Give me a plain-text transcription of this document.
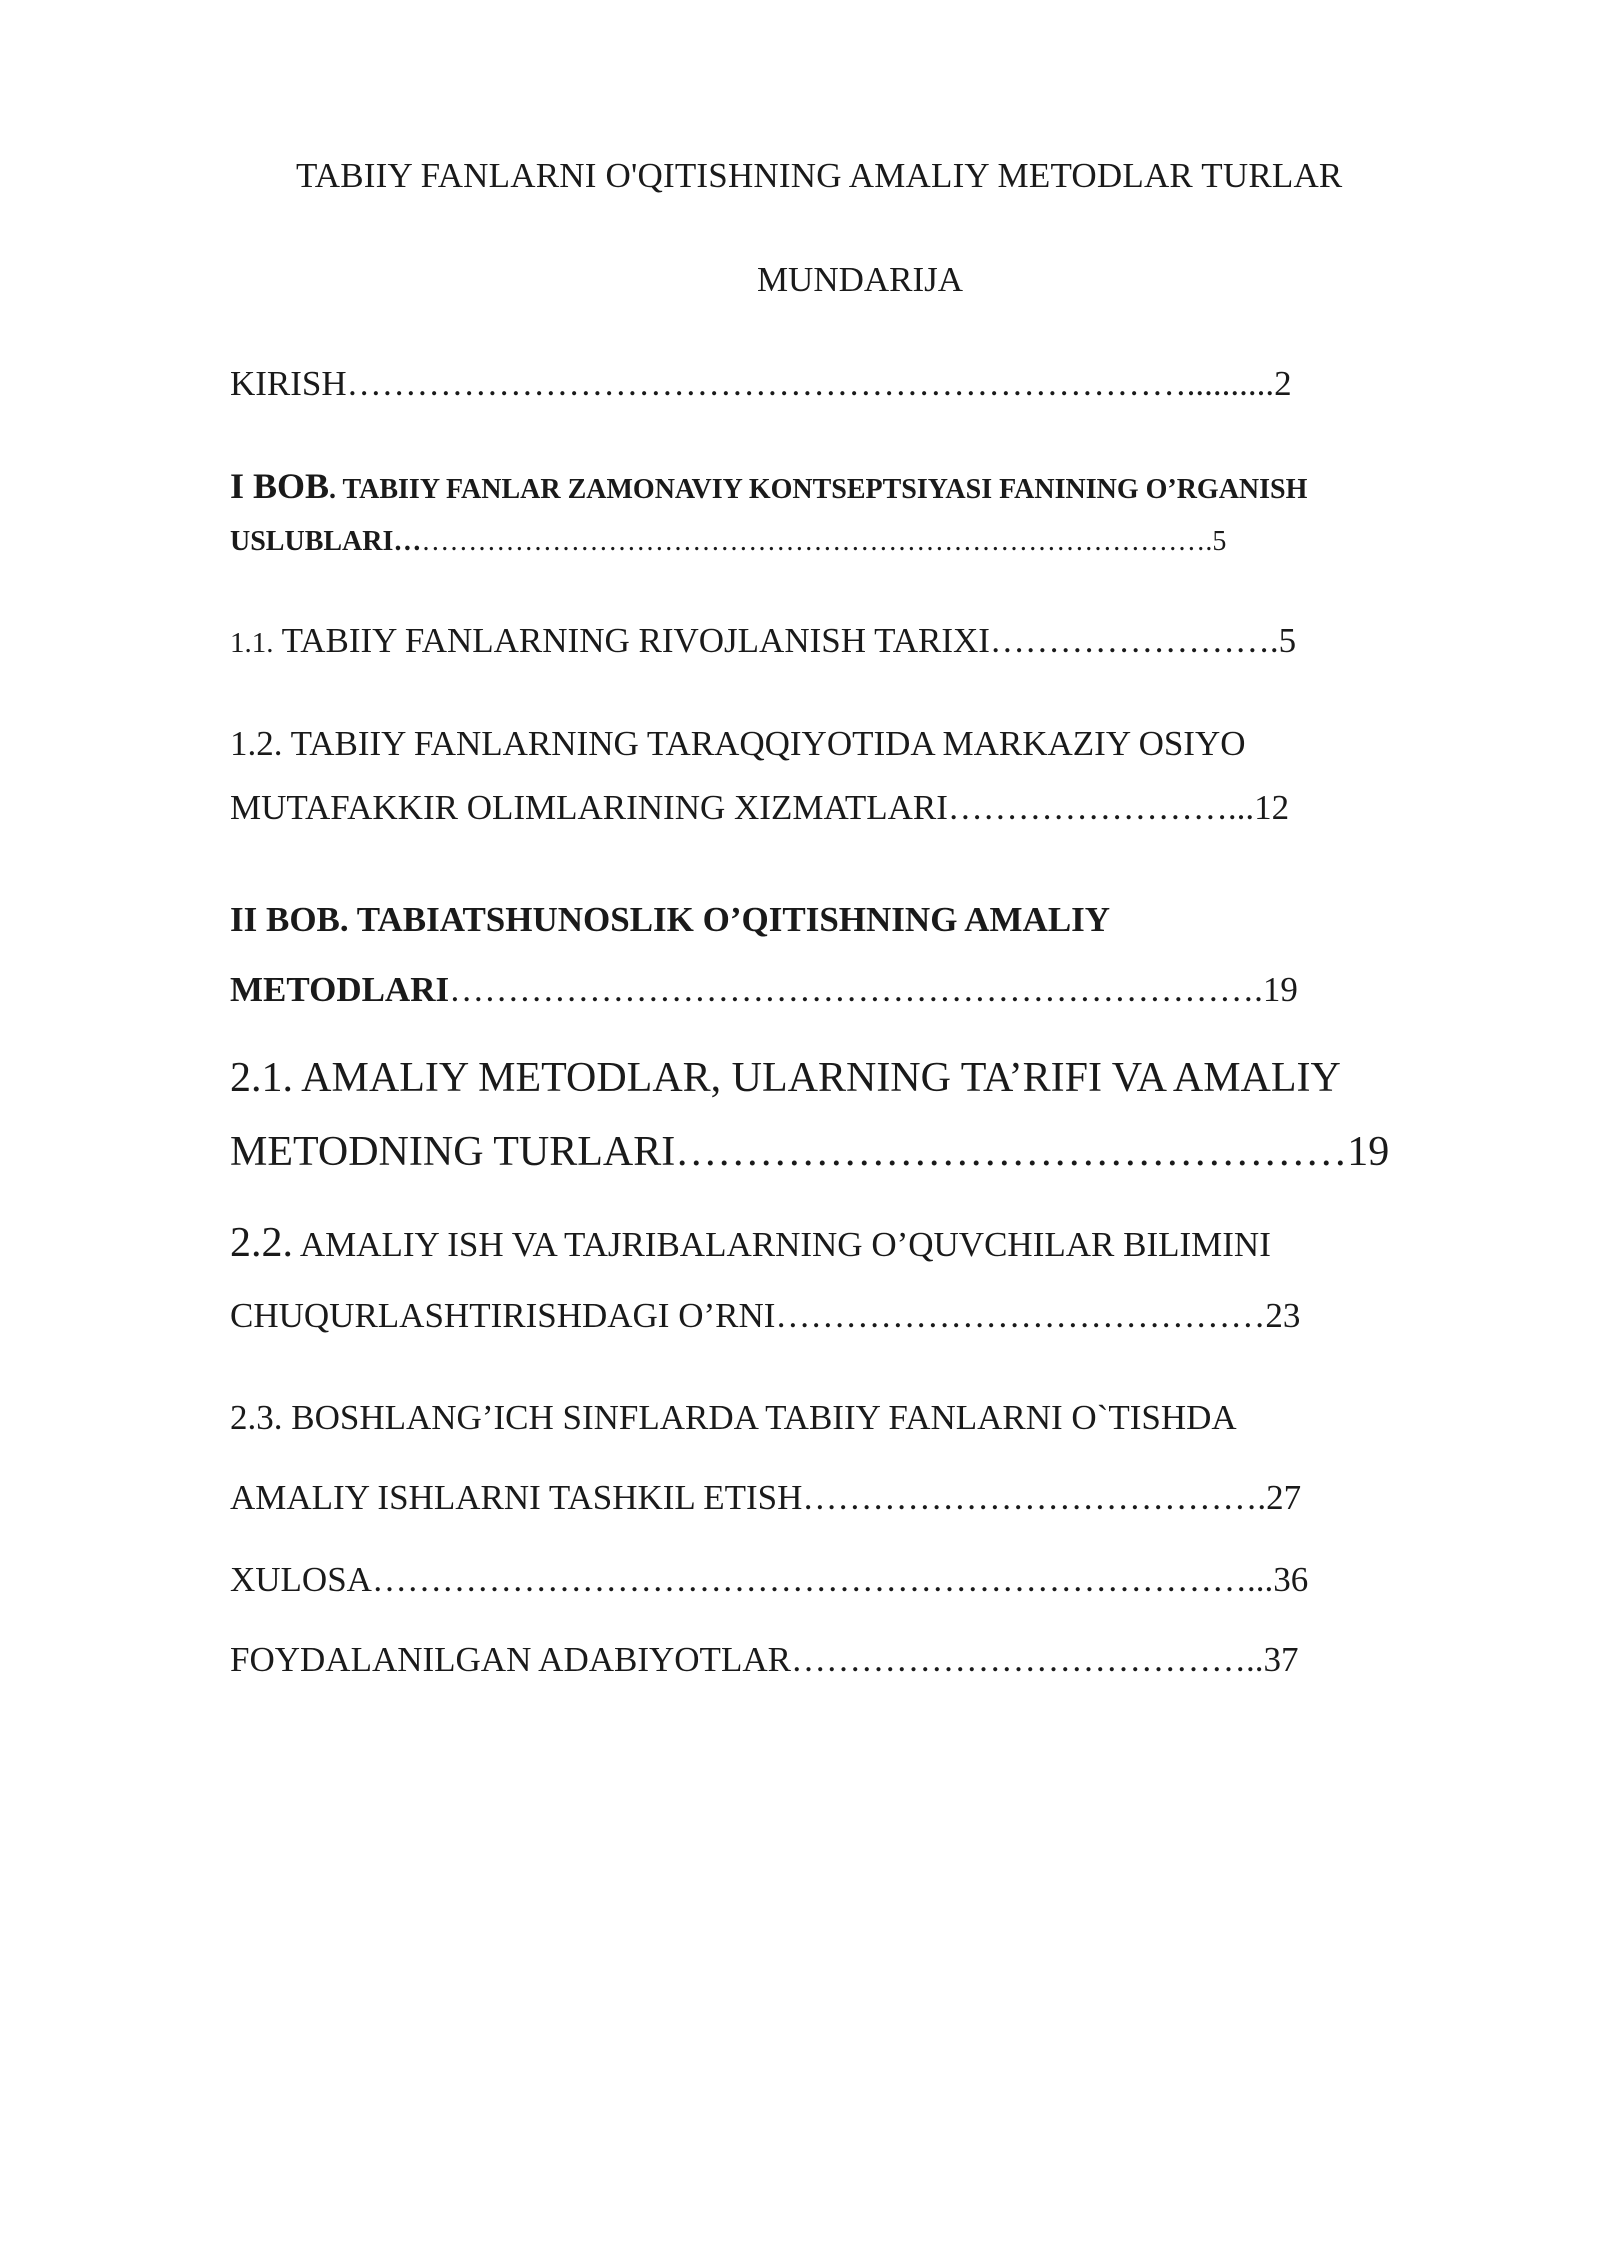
TABIIY FANLARNI O'QITISHNING AMALIY METODLAR TURLAR
MUNDARIJA
KIRISH………………………………………………………………..........2
I BOB. TABIIY FANLAR ZAMONAVIY KONTSEPTSIYASI FANINING O’RGANISH
USLUBLARI…………………………………………………………………………….5
1.1. TABIIY FANLARNING RIVOJLANISH TARIXI…………………….5
1.2. TABIIY FANLARNING TARAQQIYOTIDA MARKAZIY OSIYO
MUTAFAKKIR OLIMLARINING XIZMATLARI……………………...12
II BOB. TABIATSHUNOSLIK O’QITISHNING AMALIY
METODLARI…………………………………………………………….19
2.1. AMALIY METODLAR, ULARNING TA’RIFI VA AMALIY
METODNING TURLARI…………………………………………19
2.2. AMALIY ISH VA TAJRIBALARNING O’QUVCHILAR BILIMINI
CHUQURLASHTIRISHDAGI O’RNI……………………………………23
2.3. BOSHLANG’ICH SINFLARDA TABIIY FANLARNI O`TISHDA
AMALIY ISHLARNI TASHKIL ETISH………………………………….27
XULOSA…………………………………………………………………...36
FOYDALANILGAN ADABIYOTLAR…………………………………..37
